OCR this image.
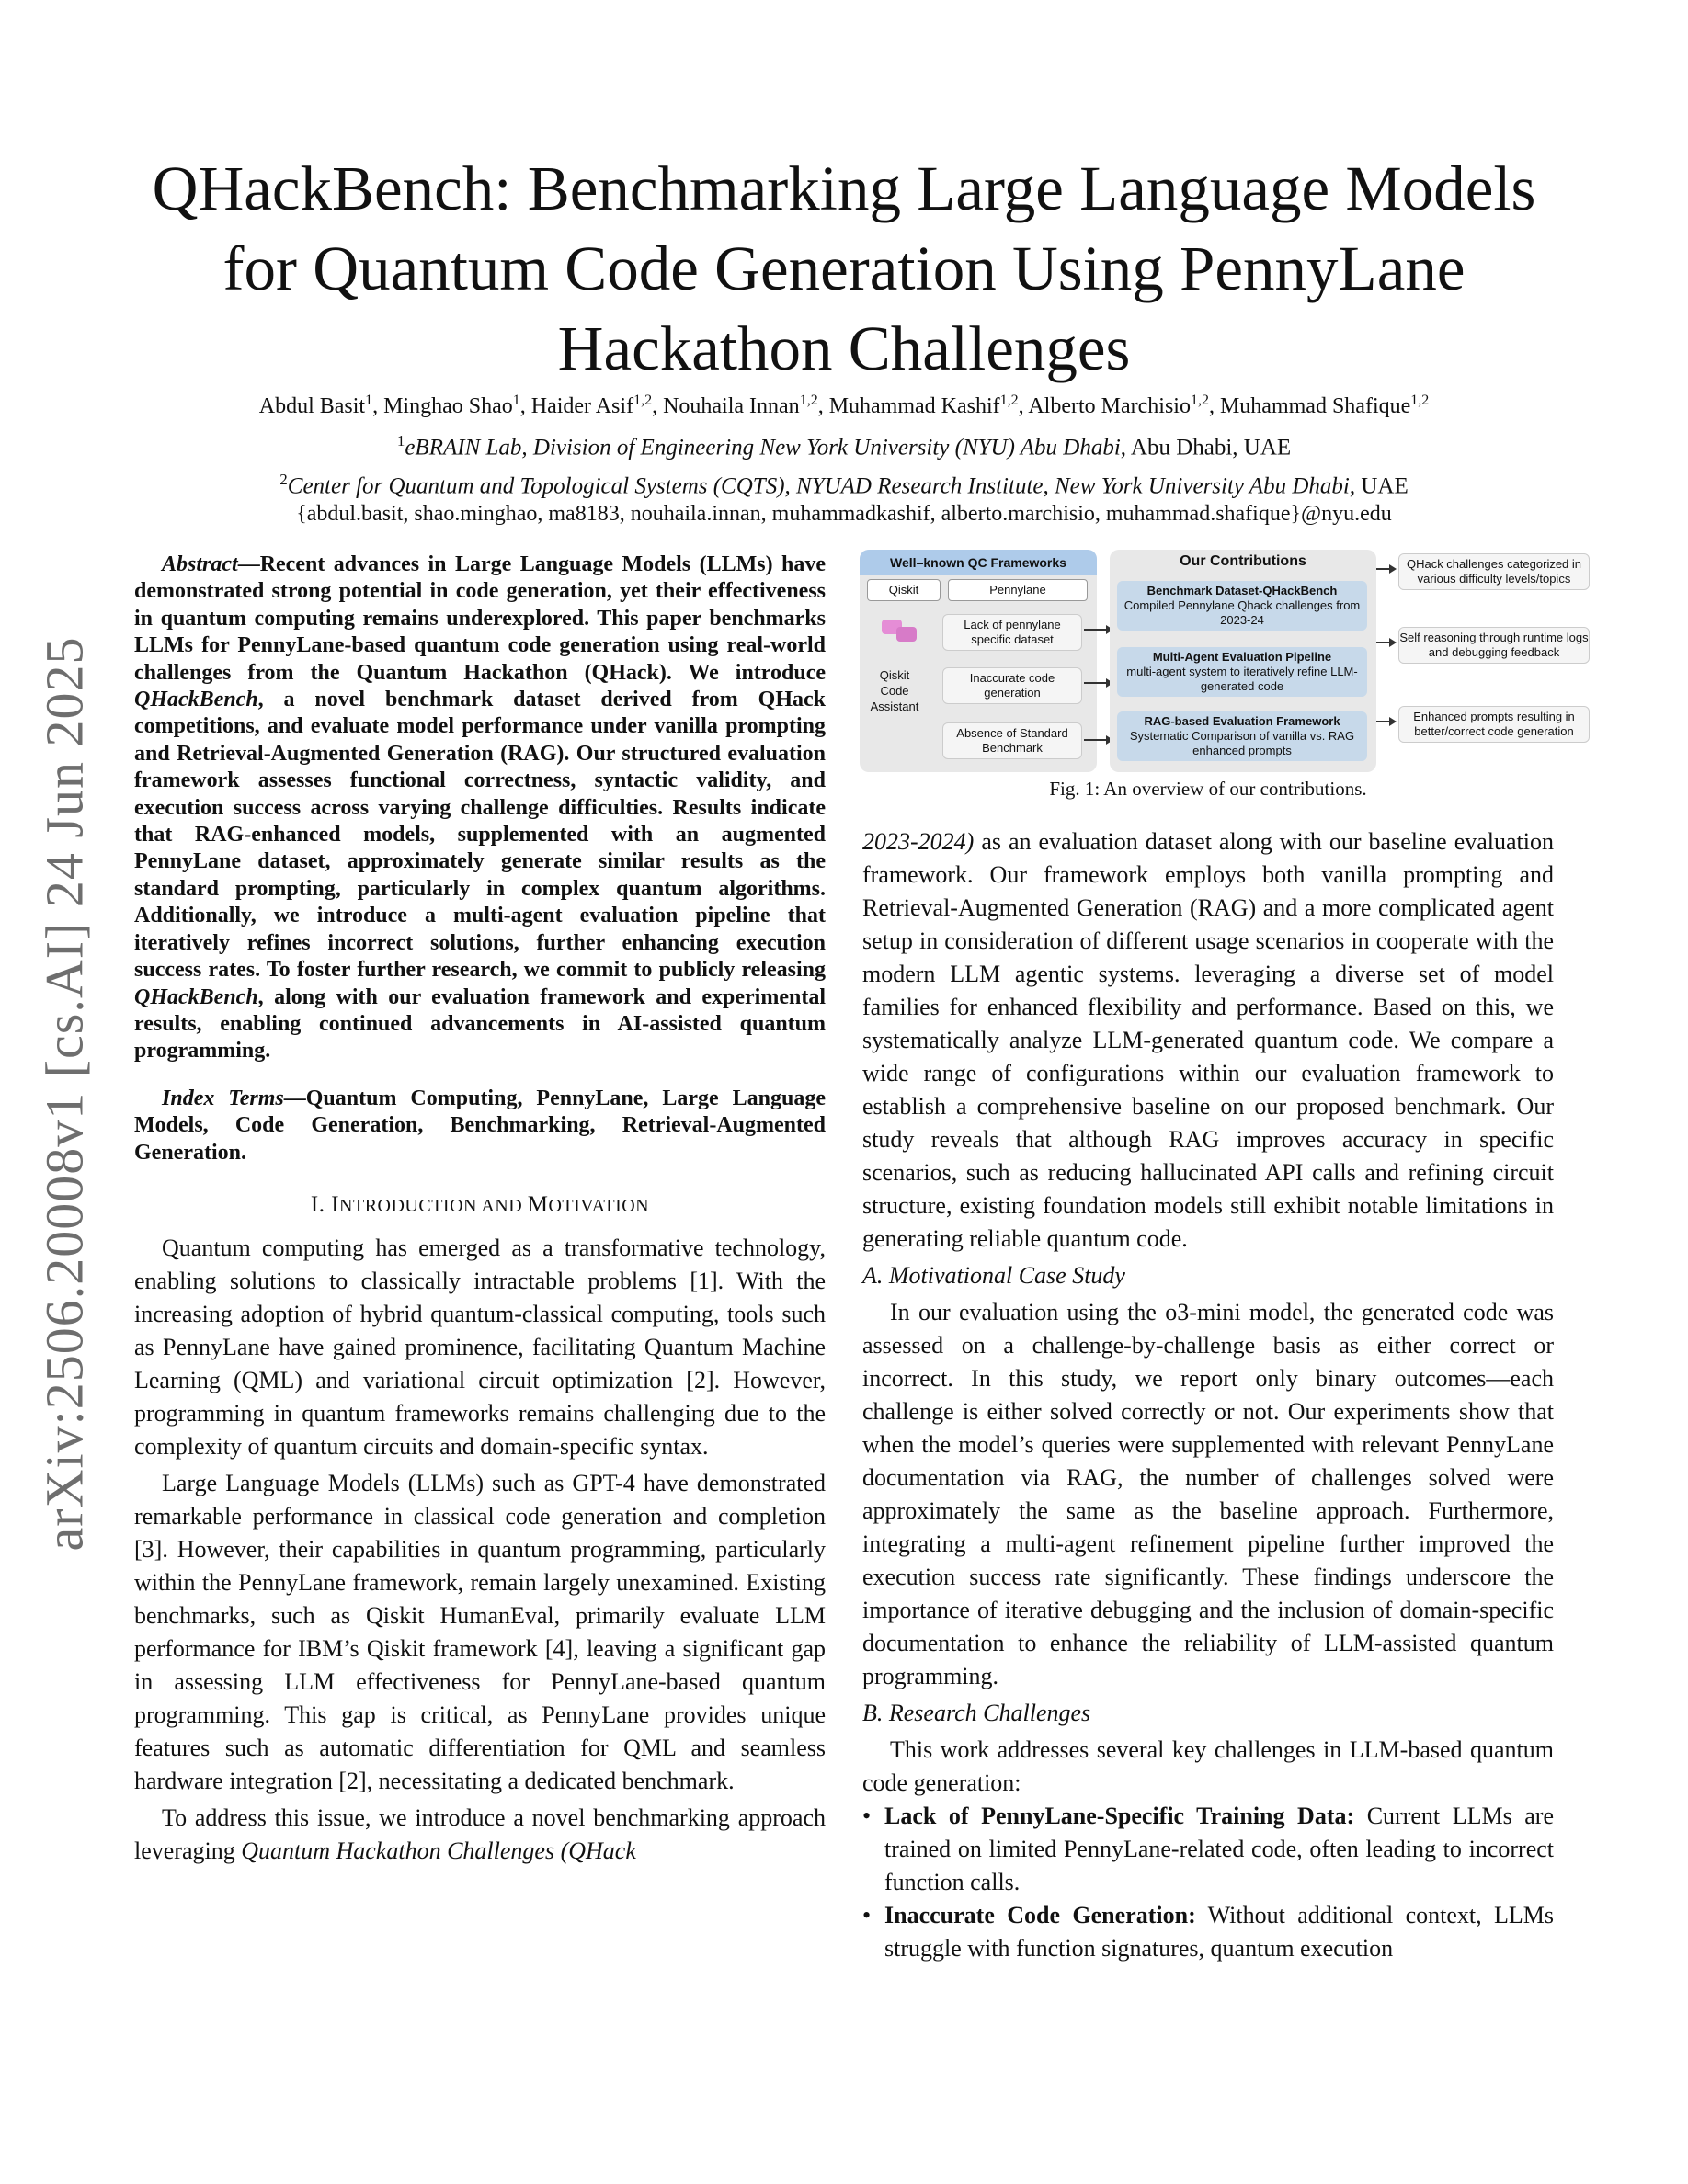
arXiv:2506.20008v1 [cs.AI] 24 Jun 2025
QHackBench: Benchmarking Large Language Models for Quantum Code Generation Using PennyLane Hackathon Challenges
Abdul Basit$^1$, Minghao Shao$^1$, Haider Asif$^{1,2}$, Nouhaila Innan$^{1,2}$, Muhammad Kashif$^{1,2}$, Alberto Marchisio$^{1,2}$, Muhammad Shafique$^{1,2}$
$^1$eBRAIN Lab, Division of Engineering New York University (NYU) Abu Dhabi, Abu Dhabi, UAE
$^2$Center for Quantum and Topological Systems (CQTS), NYUAD Research Institute, New York University Abu Dhabi, UAE
{abdul.basit, shao.minghao, ma8183, nouhaila.innan, muhammadkashif, alberto.marchisio, muhammad.shafique}@nyu.edu

Abstract—Recent advances in Large Language Models (LLMs) have demonstrated strong potential in code generation, yet their effectiveness in quantum computing remains underexplored. This paper benchmarks LLMs for PennyLane-based quantum code generation using real-world challenges from the Quantum Hackathon (QHack). We introduce QHackBench, a novel benchmark dataset derived from QHack competitions, and evaluate model performance under vanilla prompting and Retrieval-Augmented Generation (RAG). Our structured evaluation framework assesses functional correctness, syntactic validity, and execution success across varying challenge difficulties. Results indicate that RAG-enhanced models, supplemented with an augmented PennyLane dataset, approximately generate similar results as the standard prompting, particularly in complex quantum algorithms. Additionally, we introduce a multi-agent evaluation pipeline that iteratively refines incorrect solutions, further enhancing execution success rates. To foster further research, we commit to publicly releasing QHackBench, along with our evaluation framework and experimental results, enabling continued advancements in AI-assisted quantum programming.

Index Terms—Quantum Computing, PennyLane, Large Language Models, Code Generation, Benchmarking, Retrieval-Augmented Generation.

I. INTRODUCTION AND MOTIVATION

Quantum computing has emerged as a transformative technology, enabling solutions to classically intractable problems [1]. With the increasing adoption of hybrid quantum-classical computing, tools such as PennyLane have gained prominence, facilitating Quantum Machine Learning (QML) and variational circuit optimization [2]. However, programming in quantum frameworks remains challenging due to the complexity of quantum circuits and domain-specific syntax.

Large Language Models (LLMs) such as GPT-4 have demonstrated remarkable performance in classical code generation and completion [3]. However, their capabilities in quantum programming, particularly within the PennyLane framework, remain largely unexamined. Existing benchmarks, such as Qiskit HumanEval, primarily evaluate LLM performance for IBM’s Qiskit framework [4], leaving a significant gap in assessing LLM effectiveness for PennyLane-based quantum programming. This gap is critical, as PennyLane provides unique features such as automatic differentiation for QML and seamless hardware integration [2], necessitating a dedicated benchmark.

To address this issue, we introduce a novel benchmarking approach leveraging Quantum Hackathon Challenges (QHack

Well–known QC Frameworks
Qiskit	Pennylane
Qiskit Code Assistant
Lack of pennylane specific dataset
Inaccurate code generation
Absence of Standard Benchmark
Our Contributions
Benchmark Dataset-QHackBench
Compiled Pennylane Qhack challenges from 2023-24
Multi-Agent Evaluation Pipeline
multi-agent system to iteratively refine LLM-generated code
RAG-based Evaluation Framework
Systematic Comparison of vanilla vs. RAG enhanced prompts
QHack challenges categorized in various difficulty levels/topics
Self reasoning through runtime logs and debugging feedback
Enhanced prompts resulting in better/correct code generation
Fig. 1: An overview of our contributions.

2023-2024) as an evaluation dataset along with our baseline evaluation framework. Our framework employs both vanilla prompting and Retrieval-Augmented Generation (RAG) and a more complicated agent setup in consideration of different usage scenarios in cooperate with the modern LLM agentic systems. leveraging a diverse set of model families for enhanced flexibility and performance. Based on this, we systematically analyze LLM-generated quantum code. We compare a wide range of configurations within our evaluation framework to establish a comprehensive baseline on our proposed benchmark. Our study reveals that although RAG improves accuracy in specific scenarios, such as reducing hallucinated API calls and refining circuit structure, existing foundation models still exhibit notable limitations in generating reliable quantum code.

A. Motivational Case Study

In our evaluation using the o3-mini model, the generated code was assessed on a challenge-by-challenge basis as either correct or incorrect. In this study, we report only binary outcomes—each challenge is either solved correctly or not. Our experiments show that when the model’s queries were supplemented with relevant PennyLane documentation via RAG, the number of challenges solved were approximately the same as the baseline approach. Furthermore, integrating a multi-agent refinement pipeline further improved the execution success rate significantly. These findings underscore the importance of iterative debugging and the inclusion of domain-specific documentation to enhance the reliability of LLM-assisted quantum programming.

B. Research Challenges

This work addresses several key challenges in LLM-based quantum code generation:

• Lack of PennyLane-Specific Training Data: Current LLMs are trained on limited PennyLane-related code, often leading to incorrect function calls.
• Inaccurate Code Generation: Without additional context, LLMs struggle with function signatures, quantum execution
